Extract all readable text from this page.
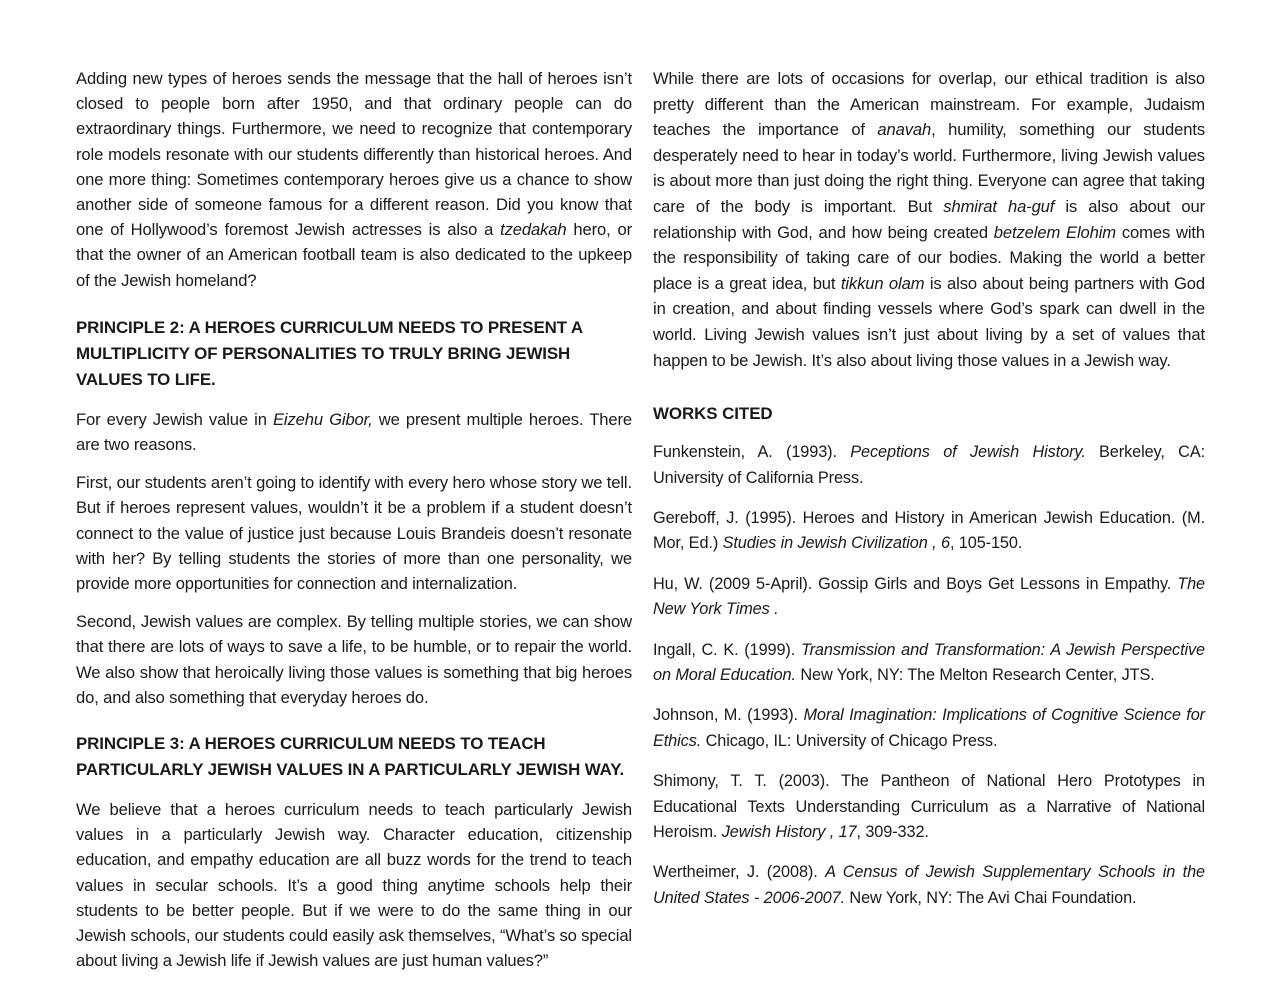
Adding new types of heroes sends the message that the hall of heroes isn’t closed to people born after 1950, and that ordinary people can do extraordinary things. Furthermore, we need to recognize that contemporary role models resonate with our students differently than historical heroes. And one more thing: Sometimes contemporary heroes give us a chance to show another side of someone famous for a different reason. Did you know that one of Hollywood’s foremost Jewish actresses is also a tzedakah hero, or that the owner of an American football team is also dedicated to the upkeep of the Jewish homeland?

PRINCIPLE 2: A HEROES CURRICULUM NEEDS TO PRESENT A MULTIPLICITY OF PERSONALITIES TO TRULY BRING JEWISH VALUES TO LIFE.

For every Jewish value in Eizehu Gibor, we present multiple heroes. There are two reasons.

First, our students aren’t going to identify with every hero whose story we tell. But if heroes represent values, wouldn’t it be a problem if a student doesn’t connect to the value of justice just because Louis Brandeis doesn’t resonate with her? By telling students the stories of more than one personality, we provide more opportunities for connection and internalization.

Second, Jewish values are complex. By telling multiple stories, we can show that there are lots of ways to save a life, to be humble, or to repair the world. We also show that heroically living those values is something that big heroes do, and also something that everyday heroes do.

PRINCIPLE 3: A HEROES CURRICULUM NEEDS TO TEACH PARTICULARLY JEWISH VALUES IN A PARTICULARLY JEWISH WAY.

We believe that a heroes curriculum needs to teach particularly Jewish values in a particularly Jewish way. Character education, citizenship education, and empathy education are all buzz words for the trend to teach values in secular schools. It’s a good thing anytime schools help their students to be better people. But if we were to do the same thing in our Jewish schools, our students could easily ask themselves, “What’s so special about living a Jewish life if Jewish values are just human values?”

While there are lots of occasions for overlap, our ethical tradition is also pretty different than the American mainstream. For example, Judaism teaches the importance of anavah, humility, something our students desperately need to hear in today’s world. Furthermore, living Jewish values is about more than just doing the right thing. Everyone can agree that taking care of the body is important. But shmirat ha-guf is also about our relationship with God, and how being created betzelem Elohim comes with the responsibility of taking care of our bodies. Making the world a better place is a great idea, but tikkun olam is also about being partners with God in creation, and about finding vessels where God’s spark can dwell in the world. Living Jewish values isn’t just about living by a set of values that happen to be Jewish. It’s also about living those values in a Jewish way.

WORKS CITED

Funkenstein, A. (1993). Peceptions of Jewish History. Berkeley, CA: University of California Press.

Gereboff, J. (1995). Heroes and History in American Jewish Education. (M. Mor, Ed.) Studies in Jewish Civilization , 6, 105-150.

Hu, W. (2009 5-April). Gossip Girls and Boys Get Lessons in Empathy. The New York Times .

Ingall, C. K. (1999). Transmission and Transformation: A Jewish Perspective on Moral Education. New York, NY: The Melton Research Center, JTS.

Johnson, M. (1993). Moral Imagination: Implications of Cognitive Science for Ethics. Chicago, IL: University of Chicago Press.

Shimony, T. T. (2003). The Pantheon of National Hero Prototypes in Educational Texts Understanding Curriculum as a Narrative of National Heroism. Jewish History , 17, 309-332.

Wertheimer, J. (2008). A Census of Jewish Supplementary Schools in the United States - 2006-2007. New York, NY: The Avi Chai Foundation.
